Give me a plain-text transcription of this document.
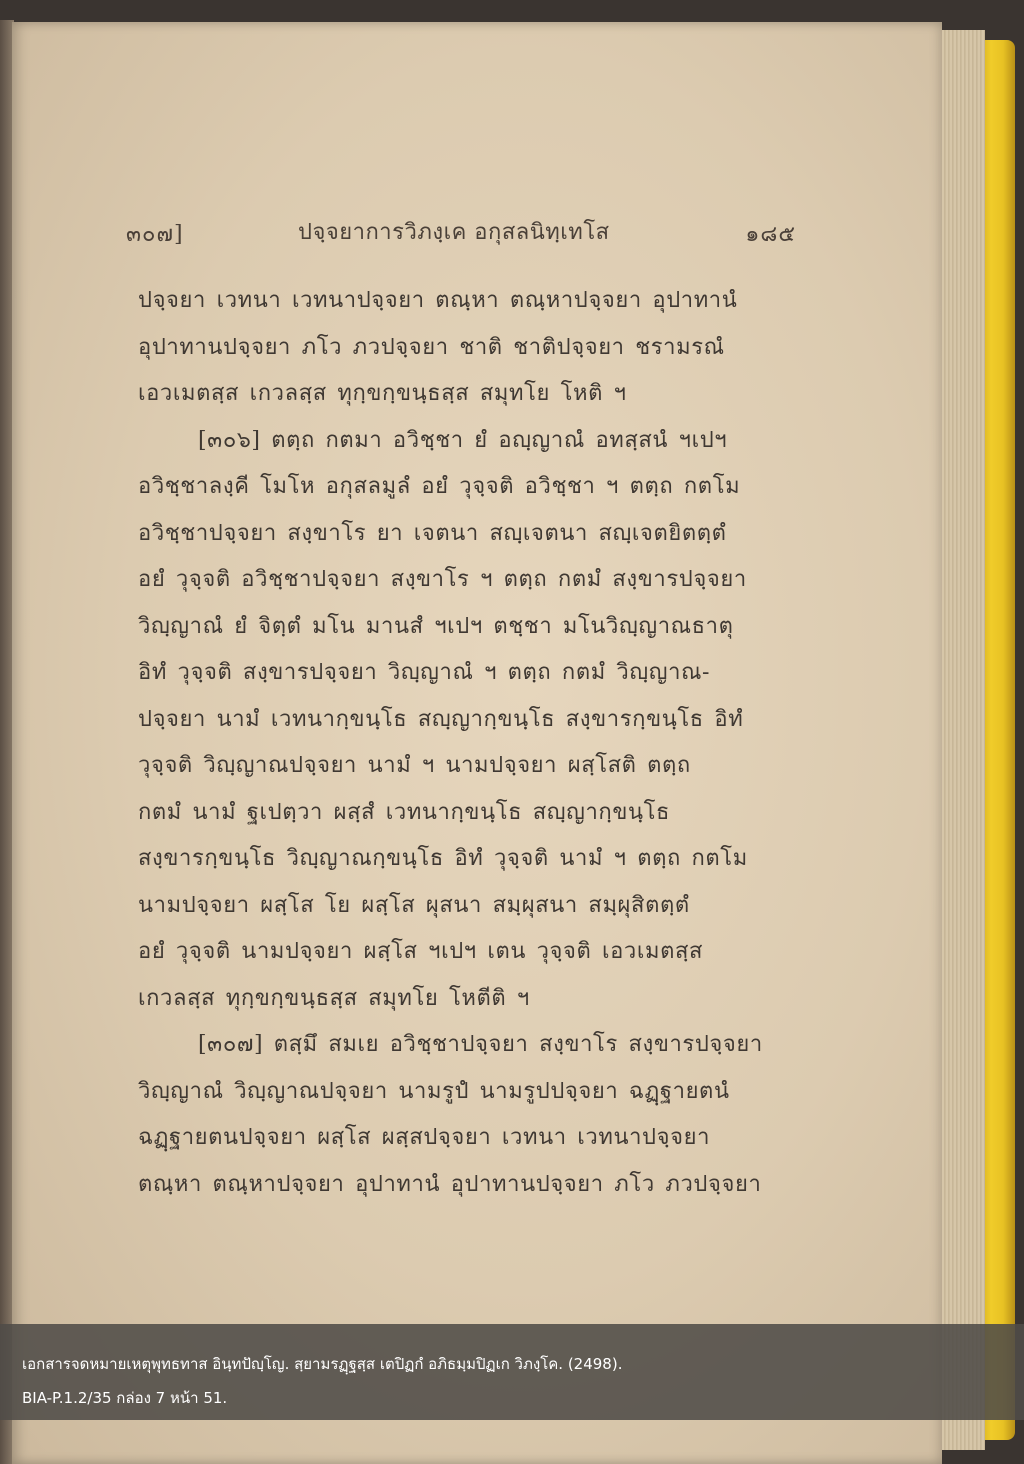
๓๐๗]	ปจฺจยาการวิภงฺเค อกุสลนิทฺเทโส	๑๘๕
ปจฺจยา เวทนา เวทนาปจฺจยา ตณฺหา ตณฺหาปจฺจยา อุปาทานํ
อุปาทานปจฺจยา ภโว ภวปจฺจยา ชาติ ชาติปจฺจยา ชรามรณํ
เอวเมตสฺส เกวลสฺส ทุกฺขกฺขนฺธสฺส สมุทโย โหติ ฯ
[๓๐๖] ตตฺถ กตมา อวิชฺชา ยํ อญฺญาณํ อทสฺสนํ ฯเปฯ
อวิชฺชาลงฺคี โมโห อกุสลมูลํ อยํ วุจฺจติ อวิชฺชา ฯ ตตฺถ กตโม
อวิชฺชาปจฺจยา สงฺขาโร ยา เจตนา สญฺเจตนา สญฺเจตยิตตฺตํ
อยํ วุจฺจติ อวิชฺชาปจฺจยา สงฺขาโร ฯ ตตฺถ กตมํ สงฺขารปจฺจยา
วิญฺญาณํ ยํ จิตฺตํ มโน มานสํ ฯเปฯ ตชฺชา มโนวิญฺญาณธาตุ
อิทํ วุจฺจติ สงฺขารปจฺจยา วิญฺญาณํ ฯ ตตฺถ กตมํ วิญฺญาณ-
ปจฺจยา นามํ เวทนากฺขนฺโธ สญฺญากฺขนฺโธ สงฺขารกฺขนฺโธ อิทํ
วุจฺจติ วิญฺญาณปจฺจยา นามํ ฯ นามปจฺจยา ผสฺโสติ ตตฺถ
กตมํ นามํ ฐเปตฺวา ผสฺสํ เวทนากฺขนฺโธ สญฺญากฺขนฺโธ
สงฺขารกฺขนฺโธ วิญฺญาณกฺขนฺโธ อิทํ วุจฺจติ นามํ ฯ ตตฺถ กตโม
นามปจฺจยา ผสฺโส โย ผสฺโส ผุสนา สมฺผุสนา สมฺผุสิตตฺตํ
อยํ วุจฺจติ นามปจฺจยา ผสฺโส ฯเปฯ เตน วุจฺจติ เอวเมตสฺส
เกวลสฺส ทุกฺขกฺขนฺธสฺส สมุทโย โหตีติ ฯ
[๓๐๗] ตสฺมึ สมเย อวิชฺชาปจฺจยา สงฺขาโร สงฺขารปจฺจยา
วิญฺญาณํ วิญฺญาณปจฺจยา นามรูปํ นามรูปปจฺจยา ฉฏฺฐายตนํ
ฉฏฺฐายตนปจฺจยา ผสฺโส ผสฺสปจฺจยา เวทนา เวทนาปจฺจยา
ตณฺหา ตณฺหาปจฺจยา อุปาทานํ อุปาทานปจฺจยา ภโว ภวปจฺจยา
เอกสารจดหมายเหตุพุทธทาส อินฺทปัญฺโญ. สฺยามรฏฺฐสฺส เตปิฏกํ อภิธมฺมปิฏเก วิภงฺโค. (2498).
BIA-P.1.2/35 กล่อง 7 หน้า 51.
